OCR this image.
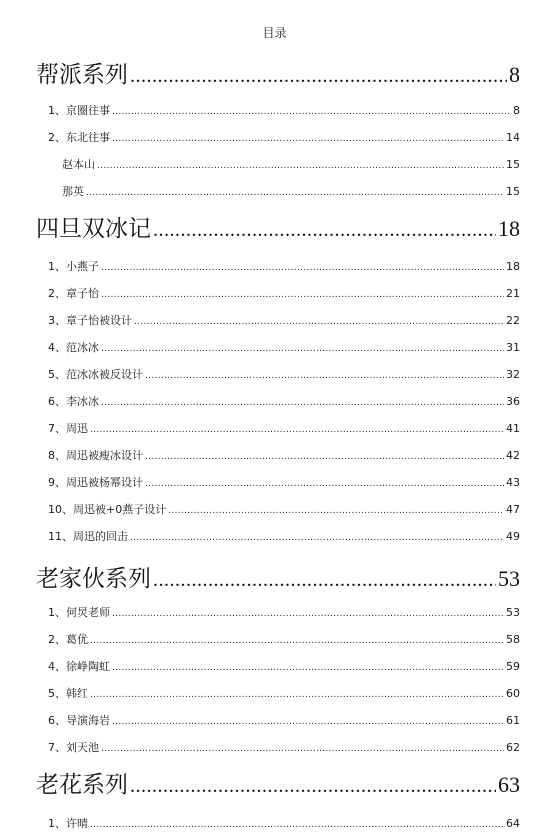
目录
帮派系列 .....	8
1、京圈往事 .....	8
2、东北往事 .....	14
赵本山 .....	15
那英 .....	15
四旦双冰记 .....	18
1、小燕子 .....	18
2、章子怡 .....	21
3、章子怡被设计 .....	22
4、范冰冰 .....	31
5、范冰冰被反设计 .....	32
6、李冰冰 .....	36
7、周迅 .....	41
8、周迅被瘦冰设计 .....	42
9、周迅被杨幂设计 .....	43
10、周迅被+0燕子设计 .....	47
11、周迅的回击 .....	49
老家伙系列 .....	53
1、何炅老师 .....	53
2、葛优 .....	58
4、徐峥陶虹 .....	59
5、韩红 .....	60
6、导演海岩 .....	61
7、刘天池 .....	62
老花系列 .....	63
1、许晴 .....	64
